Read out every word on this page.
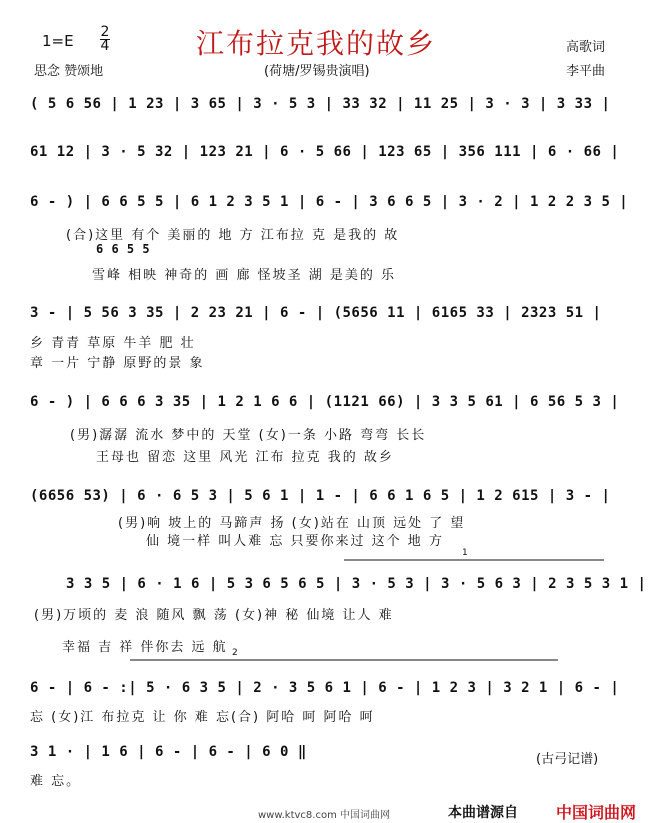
1=E 2
4	江布拉克我的故乡	高歌词
思念 赞颂地	(荷塘/罗锡贵演唱)	李平曲
( 5 6 56 | 1 23 | 3 65 | 3 · 5 3 | 33 32 | 11 25 | 3 · 3 | 3 33 |
61 12 | 3 · 5 32 | 123 21 | 6 · 5 66 | 123 65 | 356 111 | 6 · 66 |
6 - ) | 6 6 5 5 | 6 1 2 3 5 1 | 6 - | 3 6 6 5 | 3 · 2 | 1 2 2 3 5 |
(合)这里 有个 美丽的 地 方 江布拉 克 是我的 故
6 6 5 5
雪峰 相映 神奇的 画 廊 怪坡圣 湖 是美的 乐
3 - | 5 56 3 35 | 2 23 21 | 6 - | (5656 11 | 6165 33 | 2323 51 |
乡 青青 草原 牛羊 肥 壮
章 一片 宁静 原野的景 象
6 - ) | 6 6 6 3 35 | 1 2 1 6 6 | (1121 66) | 3 3 5 61 | 6 56 5 3 |
(男)潺潺 流水 梦中的 天堂 (女)一条 小路 弯弯 长长
王母也 留恋 这里 风光 江布 拉克 我的 故乡
(6656 53) | 6 · 6 5 3 | 5 6 1 | 1 - | 6 6 1 6 5 | 1 2 615 | 3 - |
(男)响 坡上的 马蹄声 扬 (女)站在 山顶 远处 了 望
仙 境一样 叫人难 忘 只要你来过 这个 地 方
1
2
3 3 5 | 6 · 1 6 | 5 3 6 5 6 5 | 3 · 5 3 | 3 · 5 6 3 | 2 3 5 3 1 |
(男)万顷的 麦 浪 随风 飘 荡 (女)神 秘 仙境 让人 难
幸福 吉 祥 伴你去 远 航
6 - | 6 - :| 5 · 6 3 5 | 2 · 3 5 6 1 | 6 - | 1 2 3 | 3 2 1 | 6 - |
忘 (女)江 布拉克 让 你 难 忘(合) 阿哈 呵 阿哈 呵
3 1 · | 1 6 | 6 - | 6 - | 6 0 ‖
难 忘。
(古弓记谱)
www.ktvc8.com 中国词曲网	本曲谱源自 中国词曲网
